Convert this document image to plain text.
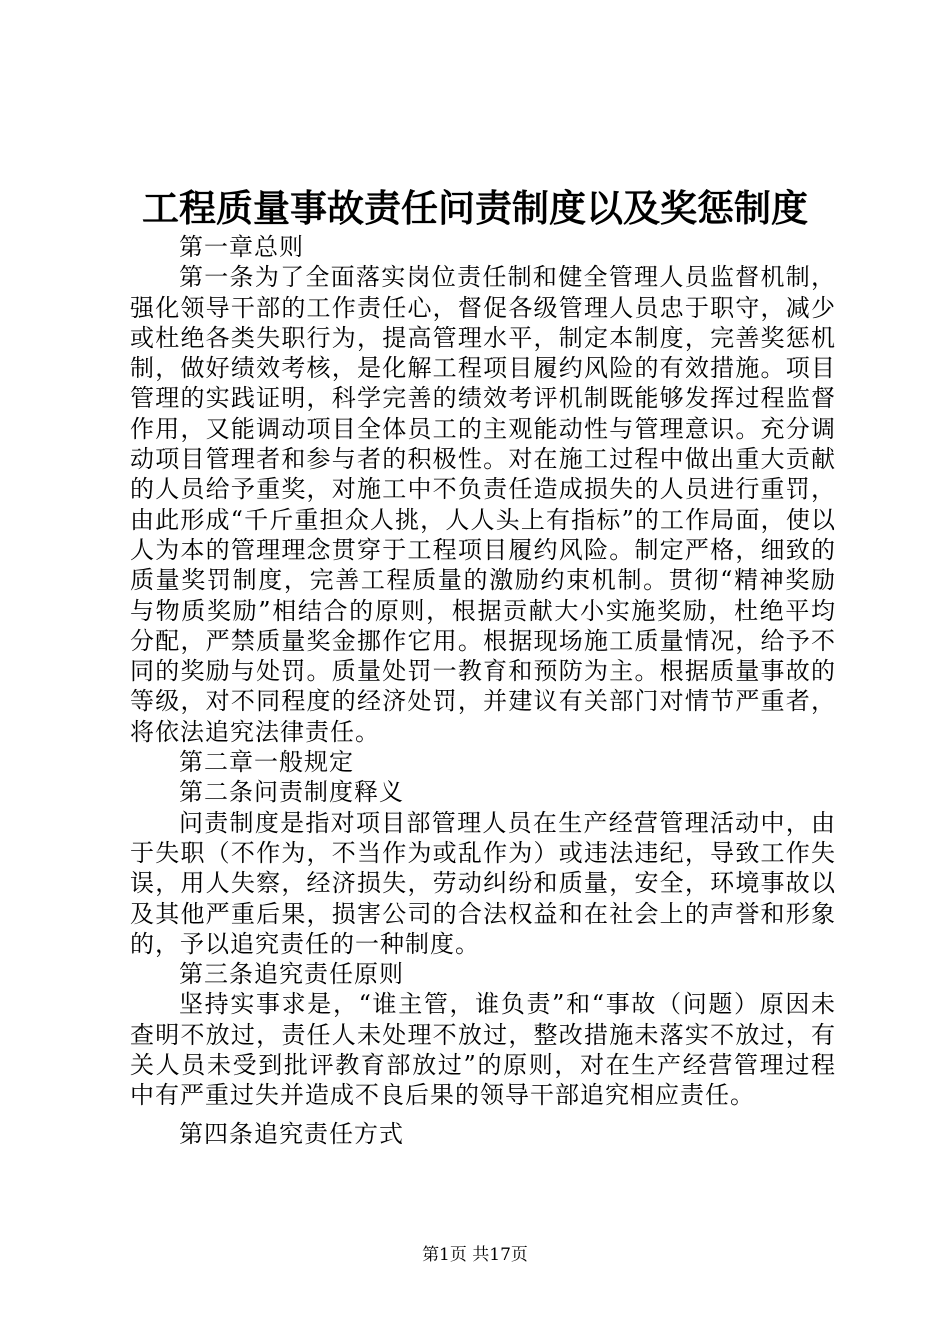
工程质量事故责任问责制度以及奖惩制度

第一章总则

第一条为了全面落实岗位责任制和健全管理人员监督机制，强化领导干部的工作责任心，督促各级管理人员忠于职守，减少或杜绝各类失职行为，提高管理水平，制定本制度，完善奖惩机制，做好绩效考核，是化解工程项目履约风险的有效措施。项目管理的实践证明，科学完善的绩效考评机制既能够发挥过程监督作用，又能调动项目全体员工的主观能动性与管理意识。充分调动项目管理者和参与者的积极性。对在施工过程中做出重大贡献的人员给予重奖，对施工中不负责任造成损失的人员进行重罚，由此形成“千斤重担众人挑，人人头上有指标”的工作局面，使以人为本的管理理念贯穿于工程项目履约风险。制定严格，细致的质量奖罚制度，完善工程质量的激励约束机制。贯彻“精神奖励与物质奖励”相结合的原则，根据贡献大小实施奖励，杜绝平均分配，严禁质量奖金挪作它用。根据现场施工质量情况，给予不同的奖励与处罚。质量处罚一教育和预防为主。根据质量事故的等级，对不同程度的经济处罚，并建议有关部门对情节严重者，将依法追究法律责任。

第二章一般规定

第二条问责制度释义

问责制度是指对项目部管理人员在生产经营管理活动中，由于失职（不作为，不当作为或乱作为）或违法违纪，导致工作失误，用人失察，经济损失，劳动纠纷和质量，安全，环境事故以及其他严重后果，损害公司的合法权益和在社会上的声誉和形象的，予以追究责任的一种制度。

第三条追究责任原则

坚持实事求是，“谁主管，谁负责”和“事故（问题）原因未查明不放过，责任人未处理不放过，整改措施未落实不放过，有关人员未受到批评教育部放过”的原则，对在生产经营管理过程中有严重过失并造成不良后果的领导干部追究相应责任。

第四条追究责任方式

第1页 共17页
